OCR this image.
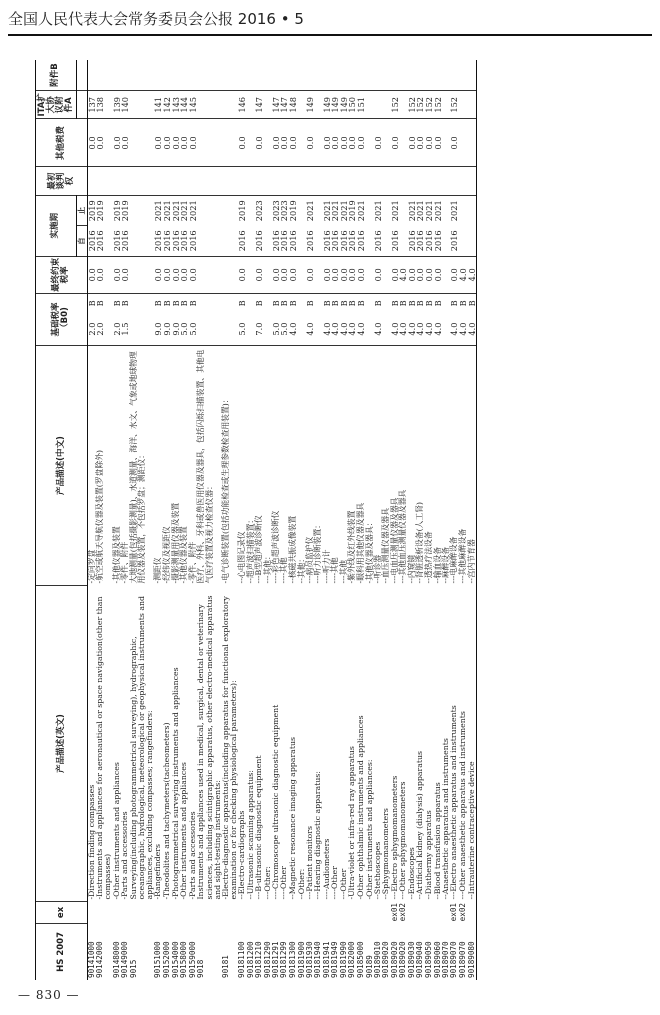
全国人民代表大会常务委员会公报 2016 • 5
HS 2007	ex	产品描述(英文)	产品描述(中文)	基础税率（B0)		最终约束税率	实施期		最初谈判权	其他税费	ITA扩大协议附件A	附件B
							自	止				
90141000		-Direction finding compasses	-定向罗盘	2.0	B	0.0	2016	2019		0.0	137	
90142000		-Instruments and appliances for aeronautical or space navigation(other than compasses)	-航空或航天导航仪器及装置(罗盘除外)	2.0	B	0.0	2016	2019		0.0	138	
90148000		-Other instruments and appliances	-其他仪器及装置	2.0	B	0.0	2016	2019		0.0	139	
90149000		-Parts and accessories	-零件、附件	1.5	B	0.0	2016	2019		0.0	140	
9015		Surveying(including photogrammetrical surveying), hydrographic, oceanographic, hydrological, meteorological or geophysical instruments and appliances, excluding compasses; rangefinders:	大地测量(包括摄影测量)、水道测量、海洋、水文、气象或地球物理用仪器及装置，不包括罗盘；测距仪：									
90151000		-Rangefinders	-测距仪	9.0	B	0.0	2016	2021		0.0	141	
90152000		-Theodolites and tachymeters(tacheometers)	-经纬仪及视距仪	9.0	B	0.0	2016	2021		0.0	142	
90154000		-Photogrammetrical surveying instruments and appliances	-摄影测量用仪器及装置	9.0	B	0.0	2016	2021		0.0	143	
90158000		-Other instruments and appliances	-其他仪器及装置	5.0	B	0.0	2016	2021		0.0	144	
90159000		-Parts and accessories	-零件、附件	5.0	B	0.0	2016	2021		0.0	145	
9018		Instruments and appliances used in medical, surgical, dental or veterinary sciences, including scintigraphic apparatus, other electro-medical apparatus and sight-testing instruments:	医疗、外科、牙科或兽医用仪器及器具，包括闪烁扫描装置、其他电气医疗装置及视力检查仪器：									
90181		-Electro-diagnostic apparatus(including apparatus for functional exploratory examination or for checking physiological parameters):	-电气诊断装置(包括功能检查或生理参数检查用装置)：									
90181100		--Electro-cardiographs	--心电图记录仪	5.0	B	0.0	2016	2019		0.0	146	
90181200		--Ultrasonic scanning apparatus:	--超声波扫描装置：									
90181210		---B-ultrasonic diagnostic equipment	---B型超声波诊断仪	7.0	B	0.0	2016	2023		0.0	147	
90181290		---Other:	---其他：									
90181291		----Chromoscope ultrasonic diagnostic equipment	----彩色超声波诊断仪	5.0	B	0.0	2016	2023		0.0	147	
90181299		----Other	----其他	5.0	B	0.0	2016	2023		0.0	147	
90181300		--Magnetic resonance imaging apparatus	--核磁共振成像装置	4.0	B	0.0	2016	2019		0.0	148	
90181900		--Other:	--其他：									
90181930		---Patient monitors	---病员监护仪	4.0	B	0.0	2016	2021		0.0	149	
90181940		---Hearing diagnostic apparatus:	---听力诊断装置：									
90181941		----Audiometers	----听力计	4.0	B	0.0	2016	2021		0.0	149	
90181949		----Other	----其他	4.0	B	0.0	2016	2021		0.0	149	
90181990		---Other	---其他	4.0	B	0.0	2016	2021		0.0	149	
90182000		-Ultra-violet or infra-red ray apparatus	-紫外线及红外线装置	4.0	B	0.0	2016	2019		0.0	150	
90185000		-Other ophthalmic instruments and appliances	-眼科用其他仪器及器具	4.0	B	0.0	2016	2021		0.0	151	
90189		-Other instruments and appliances:	-其他仪器及器具：									
90189010		--Stethoscopes	--听诊器	4.0	B	0.0	2016	2021		0.0		
90189020		--Sphygmomanometers	--血压测量仪器及器具									
90189020	ex01	---Electro sphygmomanometers	---电血压测量仪器及器具	4.0	B	0.0	2016	2021		0.0	152	
90189020	ex02	---Other sphygmomanometers	---其他血压测量仪器及器具	4.0	B	4.0						
90189030		--Endoscopes	--内窥镜	4.0	B	0.0	2016	2021		0.0	152	
90189040		--Artificial kidney (dialysis) apparatus	--肾脏透析设备(人工肾)	4.0	B	0.0	2016	2021		0.0	152	
90189050		--Diathermy apparatus	--透热疗法设备	4.0	B	0.0	2016	2021		0.0	152	
90189060		--Blood transfusion apparatus	--输血设备	4.0	B	0.0	2016	2021		0.0	152	
90189070		--Anaesthetic apparatus and instruments	--麻醉设备									
90189070	ex01	---Electro anaesthetic apparatus and instruments	---电麻醉设备	4.0	B	0.0	2016	2021		0.0	152	
90189070	ex02	---Other anaesthetic apparatus and instruments	---其他麻醉设备	4.0	B	4.0						
90189080		--Intrauterine contraceptive device	--宫内节育器	4.0	B	4.0						
— 830 —
